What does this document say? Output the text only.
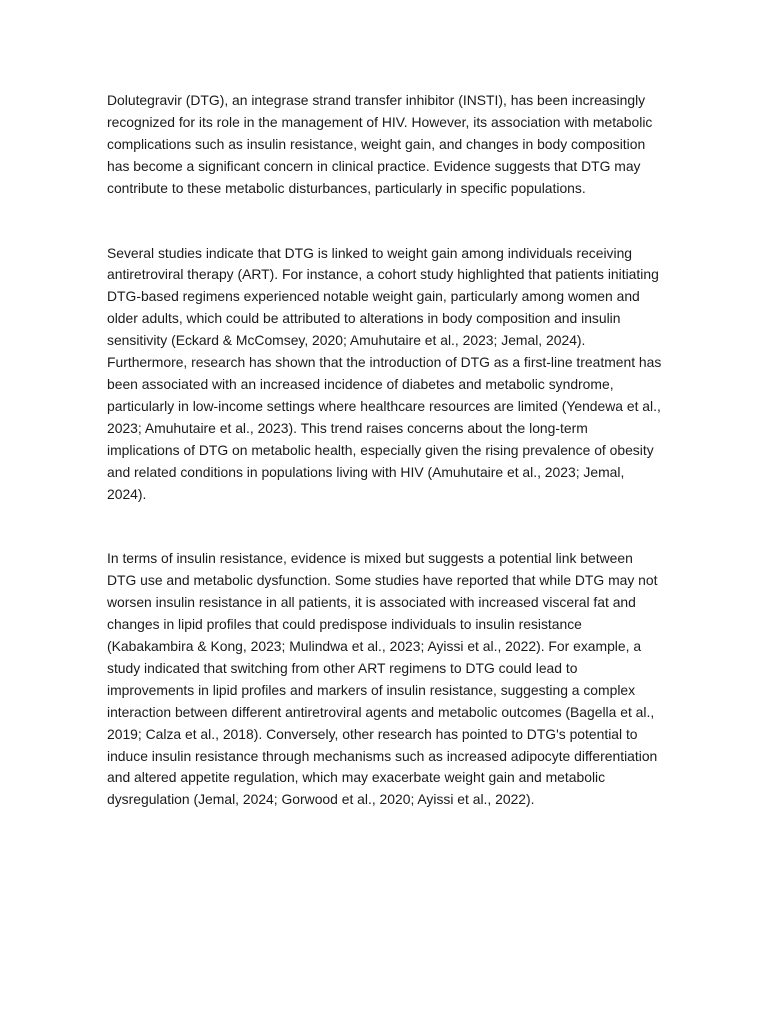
Dolutegravir (DTG), an integrase strand transfer inhibitor (INSTI), has been increasingly recognized for its role in the management of HIV. However, its association with metabolic complications such as insulin resistance, weight gain, and changes in body composition has become a significant concern in clinical practice. Evidence suggests that DTG may contribute to these metabolic disturbances, particularly in specific populations.

Several studies indicate that DTG is linked to weight gain among individuals receiving antiretroviral therapy (ART). For instance, a cohort study highlighted that patients initiating DTG-based regimens experienced notable weight gain, particularly among women and older adults, which could be attributed to alterations in body composition and insulin sensitivity (Eckard & McComsey, 2020; Amuhutaire et al., 2023; Jemal, 2024). Furthermore, research has shown that the introduction of DTG as a first-line treatment has been associated with an increased incidence of diabetes and metabolic syndrome, particularly in low-income settings where healthcare resources are limited (Yendewa et al., 2023; Amuhutaire et al., 2023). This trend raises concerns about the long-term implications of DTG on metabolic health, especially given the rising prevalence of obesity and related conditions in populations living with HIV (Amuhutaire et al., 2023; Jemal, 2024).

In terms of insulin resistance, evidence is mixed but suggests a potential link between DTG use and metabolic dysfunction. Some studies have reported that while DTG may not worsen insulin resistance in all patients, it is associated with increased visceral fat and changes in lipid profiles that could predispose individuals to insulin resistance (Kabakambira & Kong, 2023; Mulindwa et al., 2023; Ayissi et al., 2022). For example, a study indicated that switching from other ART regimens to DTG could lead to improvements in lipid profiles and markers of insulin resistance, suggesting a complex interaction between different antiretroviral agents and metabolic outcomes (Bagella et al., 2019; Calza et al., 2018). Conversely, other research has pointed to DTG's potential to induce insulin resistance through mechanisms such as increased adipocyte differentiation and altered appetite regulation, which may exacerbate weight gain and metabolic dysregulation (Jemal, 2024; Gorwood et al., 2020; Ayissi et al., 2022).
